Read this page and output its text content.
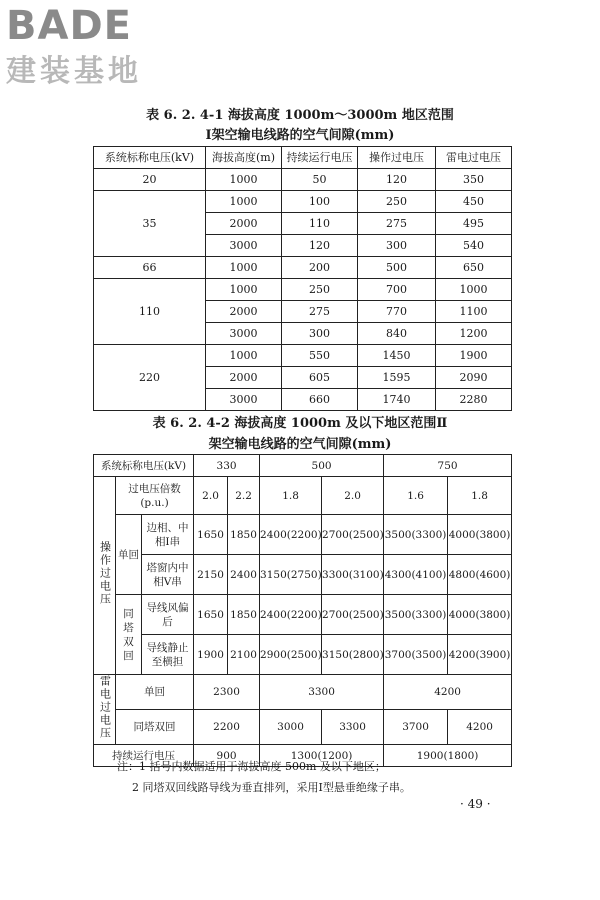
BADE
建装基地
表 6. 2. 4-1 海拔高度 1000m～3000m 地区范围
Ⅰ架空输电线路的空气间隙(mm)
系统标称电压(kV)	海拔高度(m)	持续运行电压	操作过电压	雷电过电压
20	1000	50	120	350
35	1000	100	250	450
	2000	110	275	495
	3000	120	300	540
66	1000	200	500	650
110	1000	250	700	1000
	2000	275	770	1100
	3000	300	840	1200
220	1000	550	1450	1900
	2000	605	1595	2090
	3000	660	1740	2280
表 6. 2. 4-2 海拔高度 1000m 及以下地区范围Ⅱ
架空输电线路的空气间隙(mm)
系统标称电压(kV)			330		500		750	
操作过电压	过电压倍数(p.u.)		2.0	2.2	1.8	2.0	1.6	1.8
	单回	边相、中相Ⅰ串	1650	1850	2400(2200)	2700(2500)	3500(3300)	4000(3800)
		塔窗内中相Ⅴ串	2150	2400	3150(2750)	3300(3100)	4300(4100)	4800(4600)
	同塔双回	导线风偏后	1650	1850	2400(2200)	2700(2500)	3500(3300)	4000(3800)
		导线静止至横担	1900	2100	2900(2500)	3150(2800)	3700(3500)	4200(3900)
雷电过电压	单回		2300		3300		4200	
	同塔双回		2200		3000	3300	3700	4200
持续运行电压			900		1300(1200)		1900(1800)	
注：1 括号内数据适用于海拔高度 500m 及以下地区；
2 同塔双回线路导线为垂直排列，采用Ⅰ型悬垂绝缘子串。
· 49 ·
